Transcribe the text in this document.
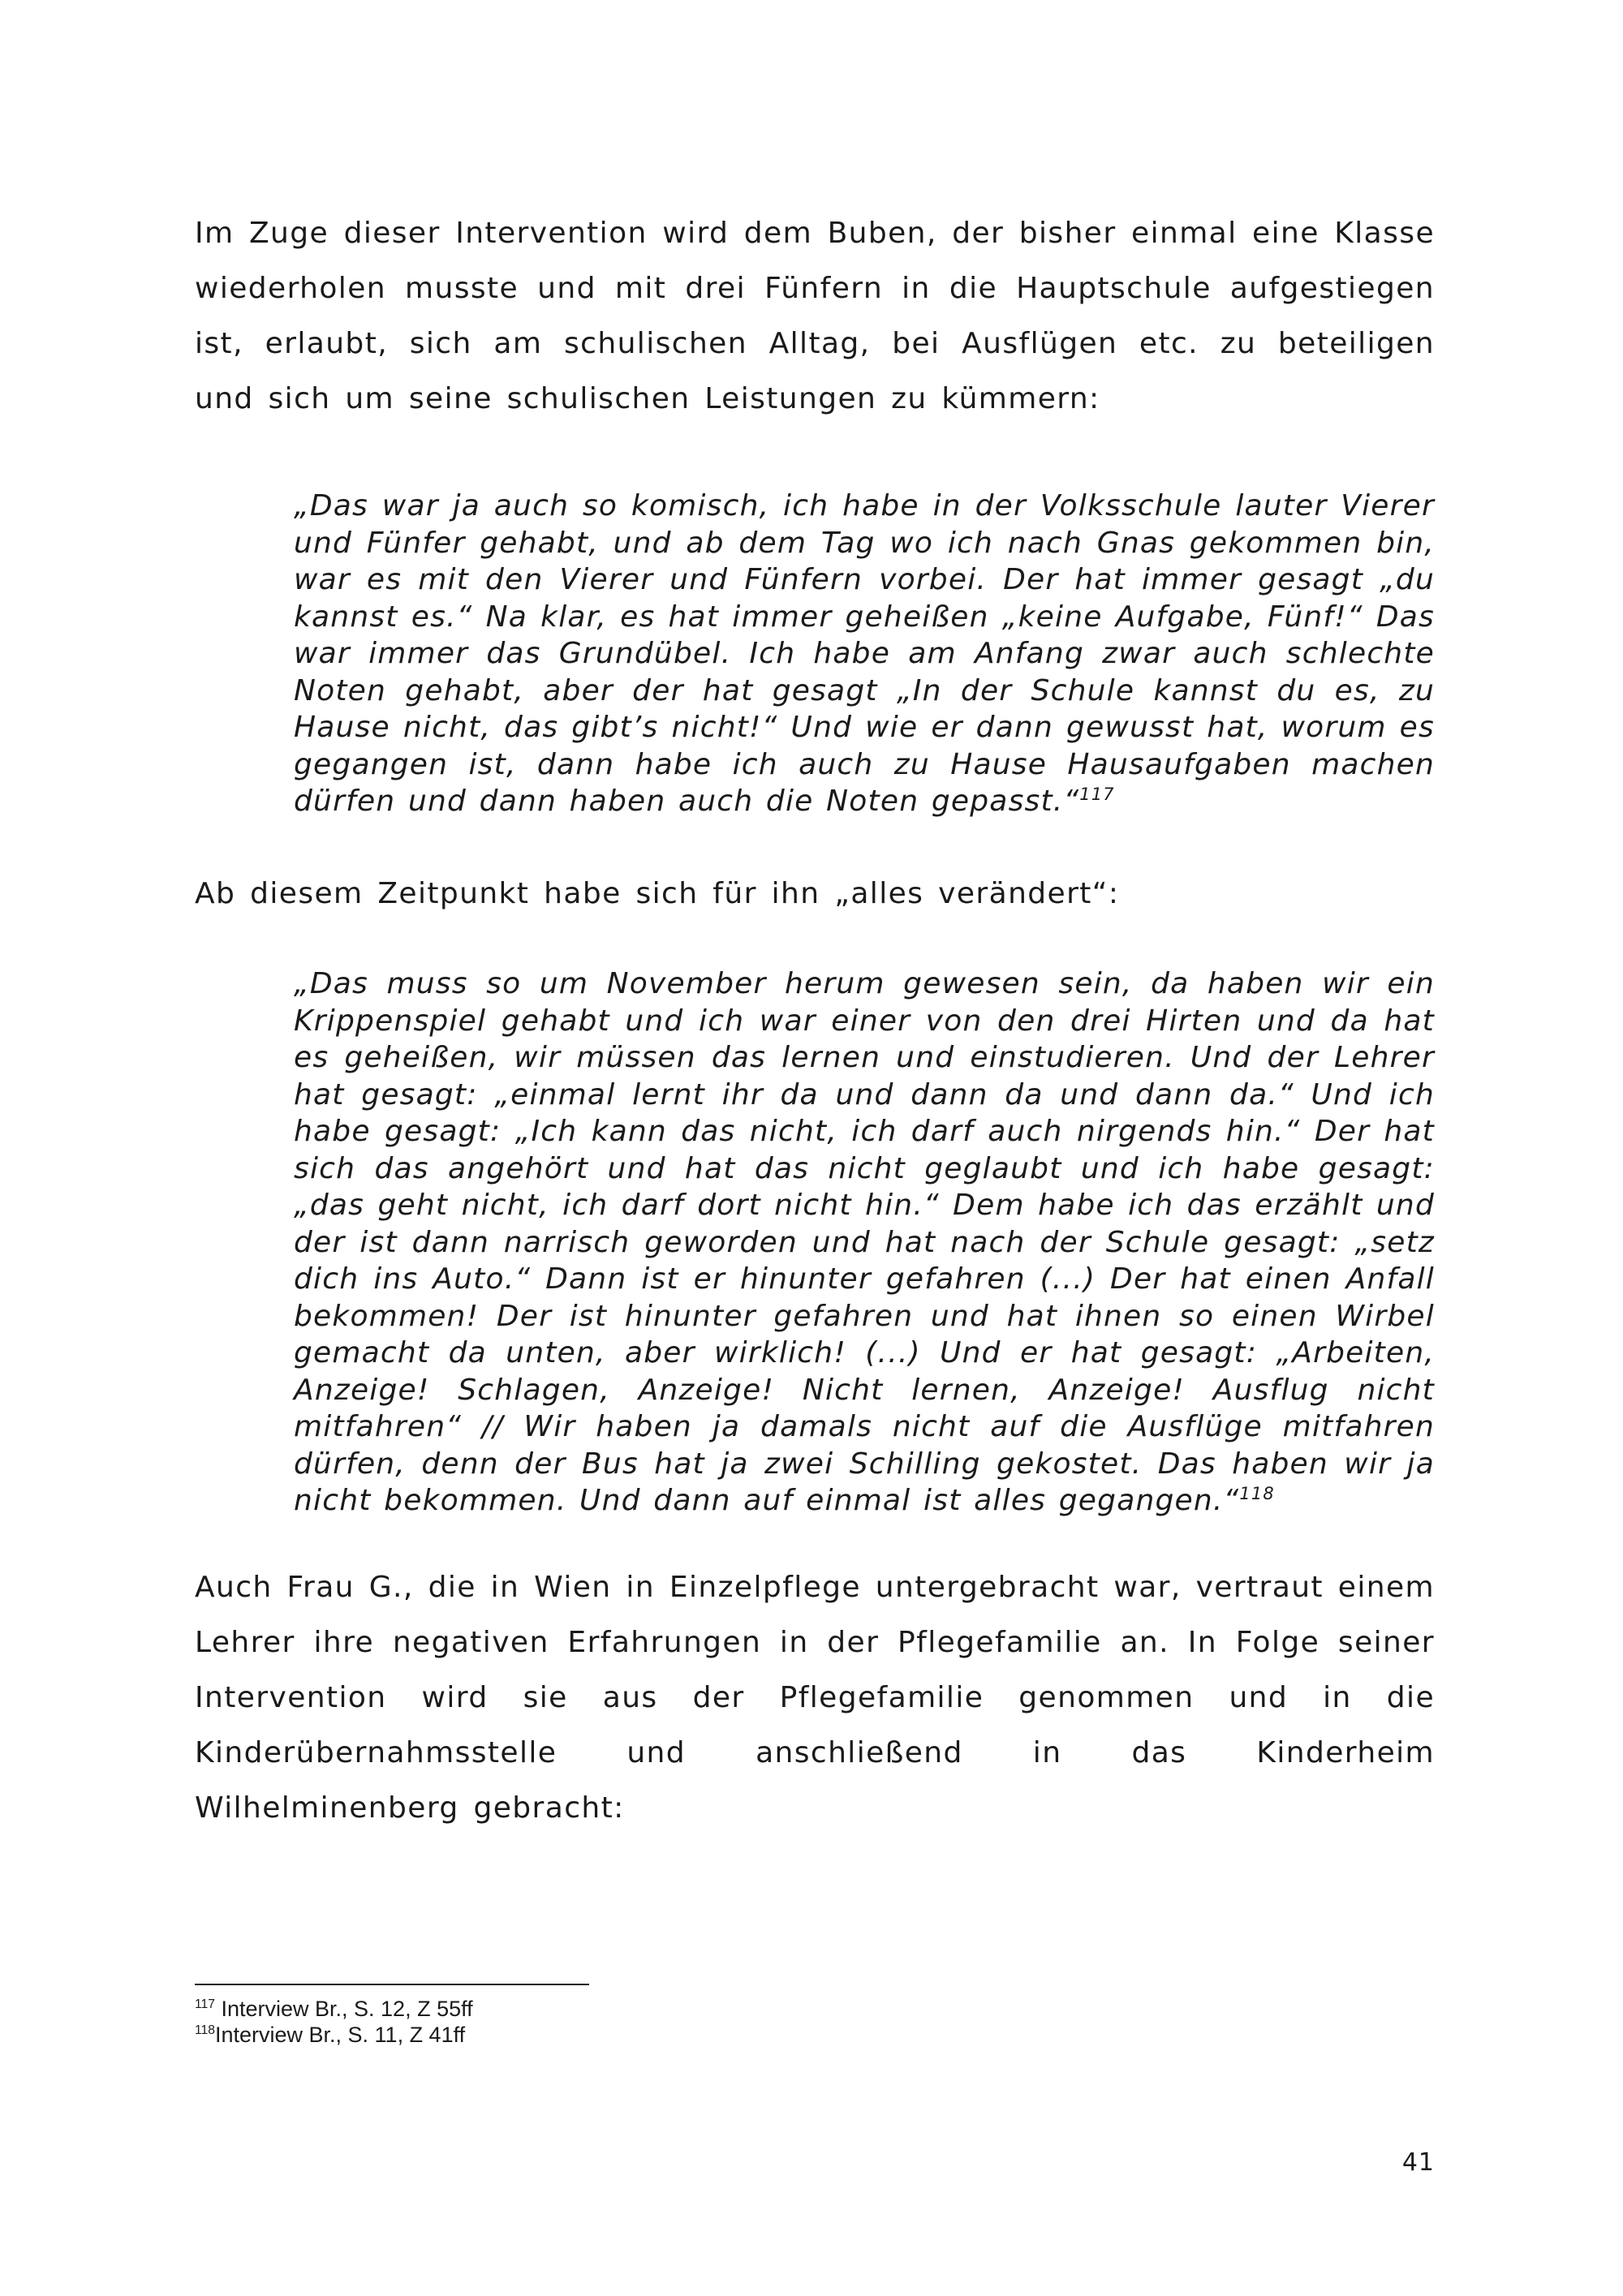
Im Zuge dieser Intervention wird dem Buben, der bisher einmal eine Klasse wiederholen musste und mit drei Fünfern in die Hauptschule aufgestiegen ist, erlaubt, sich am schulischen Alltag, bei Ausflügen etc. zu beteiligen und sich um seine schulischen Leistungen zu kümmern:

„Das war ja auch so komisch, ich habe in der Volksschule lauter Vierer und Fünfer gehabt, und ab dem Tag wo ich nach Gnas gekommen bin, war es mit den Vierer und Fünfern vorbei. Der hat immer gesagt „du kannst es.“ Na klar, es hat immer geheißen „keine Aufgabe, Fünf!“ Das war immer das Grundübel. Ich habe am Anfang zwar auch schlechte Noten gehabt, aber der hat gesagt „In der Schule kannst du es, zu Hause nicht, das gibt’s nicht!“ Und wie er dann gewusst hat, worum es gegangen ist, dann habe ich auch zu Hause Hausaufgaben machen dürfen und dann haben auch die Noten gepasst.“$^{117}$

Ab diesem Zeitpunkt habe sich für ihn „alles verändert“:

„Das muss so um November herum gewesen sein, da haben wir ein Krippenspiel gehabt und ich war einer von den drei Hirten und da hat es geheißen, wir müssen das lernen und einstudieren. Und der Lehrer hat gesagt: „einmal lernt ihr da und dann da und dann da.“ Und ich habe gesagt: „Ich kann das nicht, ich darf auch nirgends hin.“ Der hat sich das angehört und hat das nicht geglaubt und ich habe gesagt: „das geht nicht, ich darf dort nicht hin.“ Dem habe ich das erzählt und der ist dann narrisch geworden und hat nach der Schule gesagt: „setz dich ins Auto.“ Dann ist er hinunter gefahren (...) Der hat einen Anfall bekommen! Der ist hinunter gefahren und hat ihnen so einen Wirbel gemacht da unten, aber wirklich! (...) Und er hat gesagt: „Arbeiten, Anzeige! Schlagen, Anzeige! Nicht lernen, Anzeige! Ausflug nicht mitfahren“ // Wir haben ja damals nicht auf die Ausflüge mitfahren dürfen, denn der Bus hat ja zwei Schilling gekostet. Das haben wir ja nicht bekommen. Und dann auf einmal ist alles gegangen.“$^{118}$

Auch Frau G., die in Wien in Einzelpflege untergebracht war, vertraut einem Lehrer ihre negativen Erfahrungen in der Pflegefamilie an. In Folge seiner Intervention wird sie aus der Pflegefamilie genommen und in die Kinderübernahmsstelle und anschließend in das Kinderheim Wilhelminenberg gebracht:

$^{117}$ Interview Br., S. 12, Z 55ff

$^{118}$Interview Br., S. 11, Z 41ff

41
